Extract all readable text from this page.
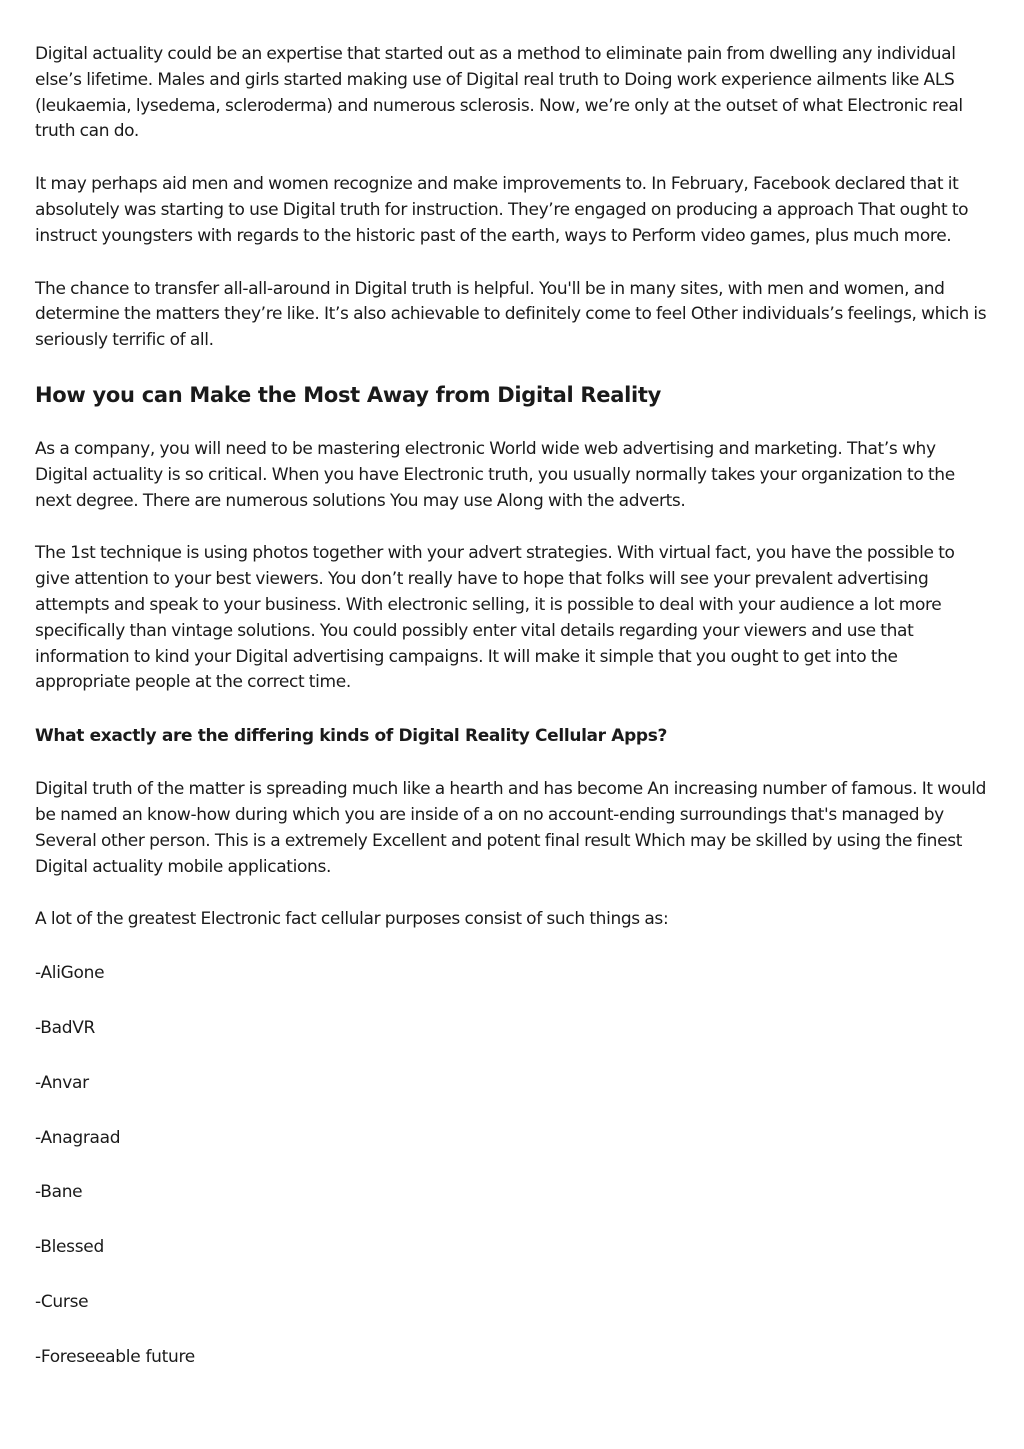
Digital actuality could be an expertise that started out as a method to eliminate pain from dwelling any individual else’s lifetime. Males and girls started making use of Digital real truth to Doing work experience ailments like ALS (leukaemia, lysedema, scleroderma) and numerous sclerosis. Now, we’re only at the outset of what Electronic real truth can do.

It may perhaps aid men and women recognize and make improvements to. In February, Facebook declared that it absolutely was starting to use Digital truth for instruction. They’re engaged on producing a approach That ought to instruct youngsters with regards to the historic past of the earth, ways to Perform video games, plus much more.

The chance to transfer all-all-around in Digital truth is helpful. You'll be in many sites, with men and women, and determine the matters they’re like. It’s also achievable to definitely come to feel Other individuals’s feelings, which is seriously terrific of all.

How you can Make the Most Away from Digital Reality

As a company, you will need to be mastering electronic World wide web advertising and marketing. That’s why Digital actuality is so critical. When you have Electronic truth, you usually normally takes your organization to the next degree. There are numerous solutions You may use Along with the adverts.

The 1st technique is using photos together with your advert strategies. With virtual fact, you have the possible to give attention to your best viewers. You don’t really have to hope that folks will see your prevalent advertising attempts and speak to your business. With electronic selling, it is possible to deal with your audience a lot more specifically than vintage solutions. You could possibly enter vital details regarding your viewers and use that information to kind your Digital advertising campaigns. It will make it simple that you ought to get into the appropriate people at the correct time.

What exactly are the differing kinds of Digital Reality Cellular Apps?

Digital truth of the matter is spreading much like a hearth and has become An increasing number of famous. It would be named an know-how during which you are inside of a on no account-ending surroundings that's managed by Several other person. This is a extremely Excellent and potent final result Which may be skilled by using the finest Digital actuality mobile applications.

A lot of the greatest Electronic fact cellular purposes consist of such things as:

-AliGone
-BadVR
-Anvar
-Anagraad
-Bane
-Blessed
-Curse
-Foreseeable future
